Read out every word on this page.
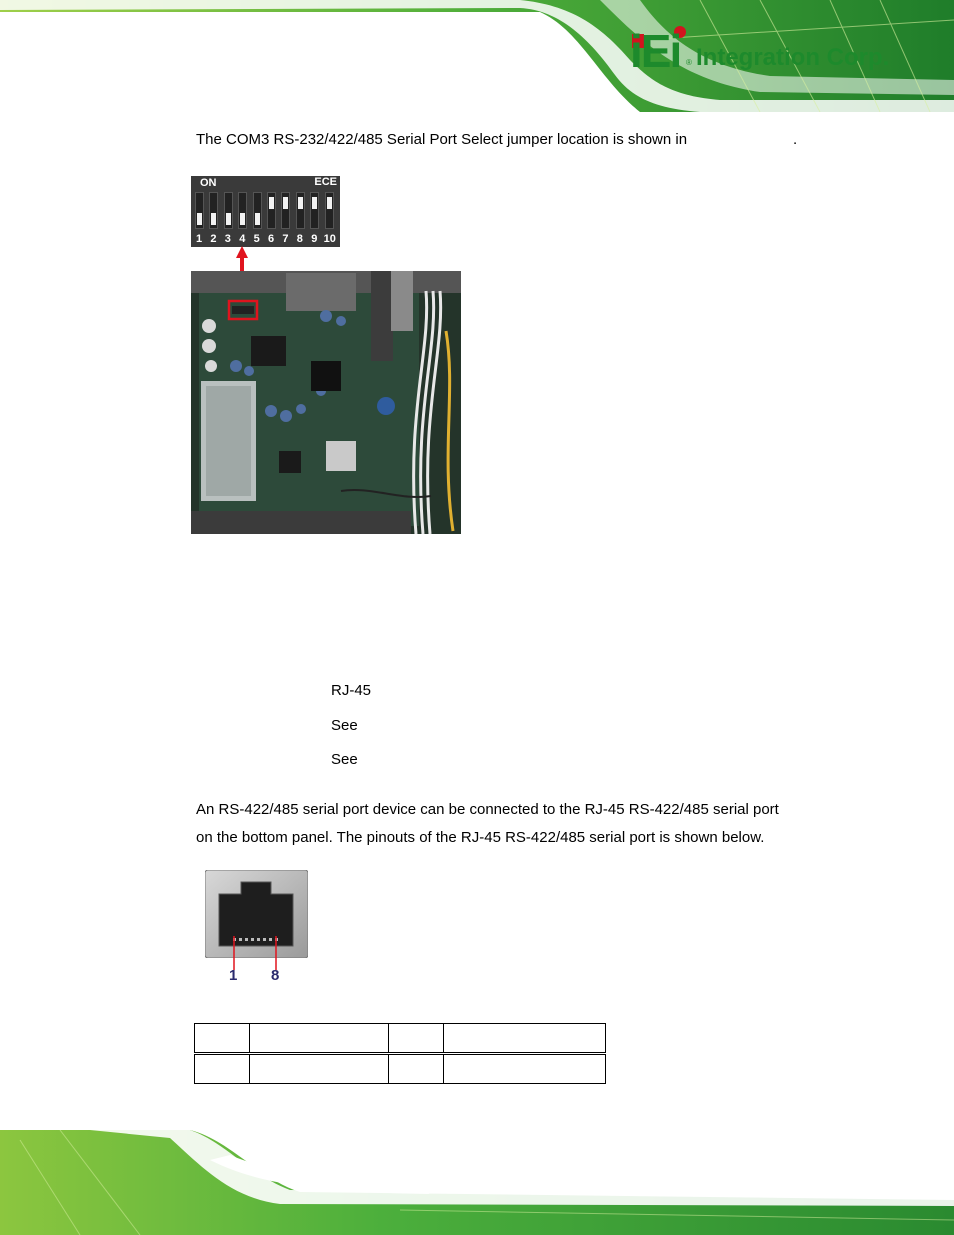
iEi ® Integration Corp.
The COM3 RS-232/422/485 Serial Port Select jumper location is shown in	.
ON	ECE
1 2 3 4 5 6 7 8 9 10
RJ-45
See
See
An RS-422/485 serial port device can be connected to the RJ-45 RS-422/485 serial port
on the bottom panel. The pinouts of the RJ-45 RS-422/485 serial port is shown below.
1 8
